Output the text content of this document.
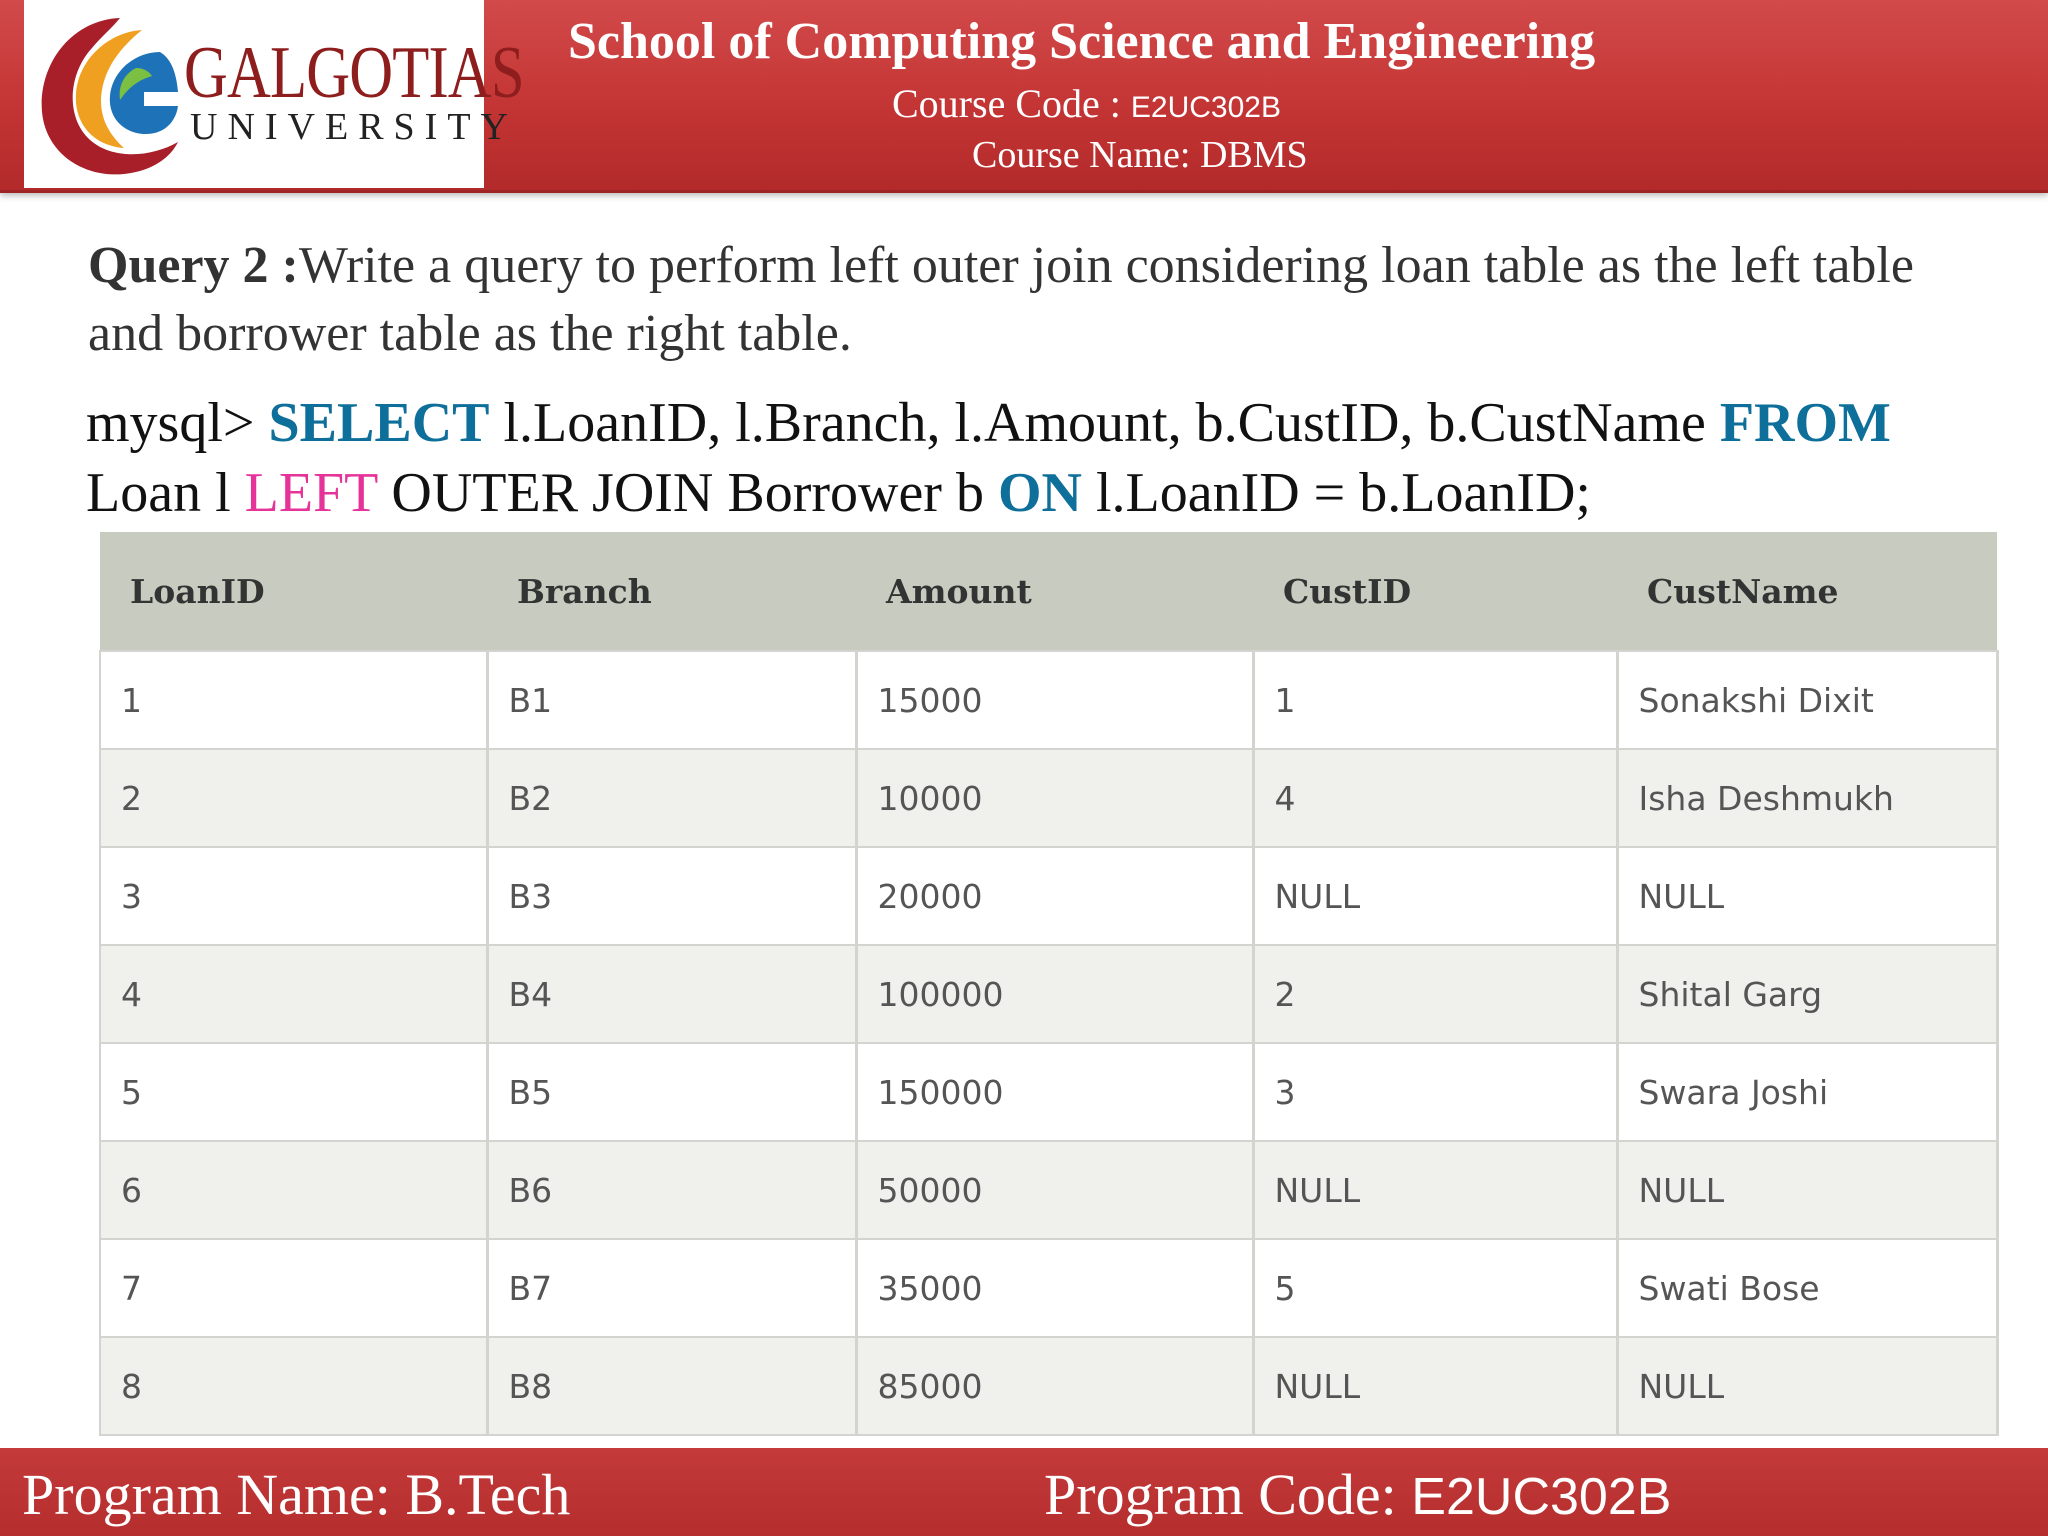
GALGOTIAS
UNIVERSITY
School of Computing Science and Engineering
Course Code : E2UC302B
Course Name: DBMS
Query 2 :Write a query to perform left outer join considering loan table as the left table and borrower table as the right table.
mysql> SELECT l.LoanID, l.Branch, l.Amount, b.CustID, b.CustName FROM Loan l LEFT OUTER JOIN Borrower b ON l.LoanID = b.LoanID;
LoanID	Branch	Amount	CustID	CustName
1	B1	15000	1	Sonakshi Dixit
2	B2	10000	4	Isha Deshmukh
3	B3	20000	NULL	NULL
4	B4	100000	2	Shital Garg
5	B5	150000	3	Swara Joshi
6	B6	50000	NULL	NULL
7	B7	35000	5	Swati Bose
8	B8	85000	NULL	NULL
Program Name: B.Tech	Program Code: E2UC302B
